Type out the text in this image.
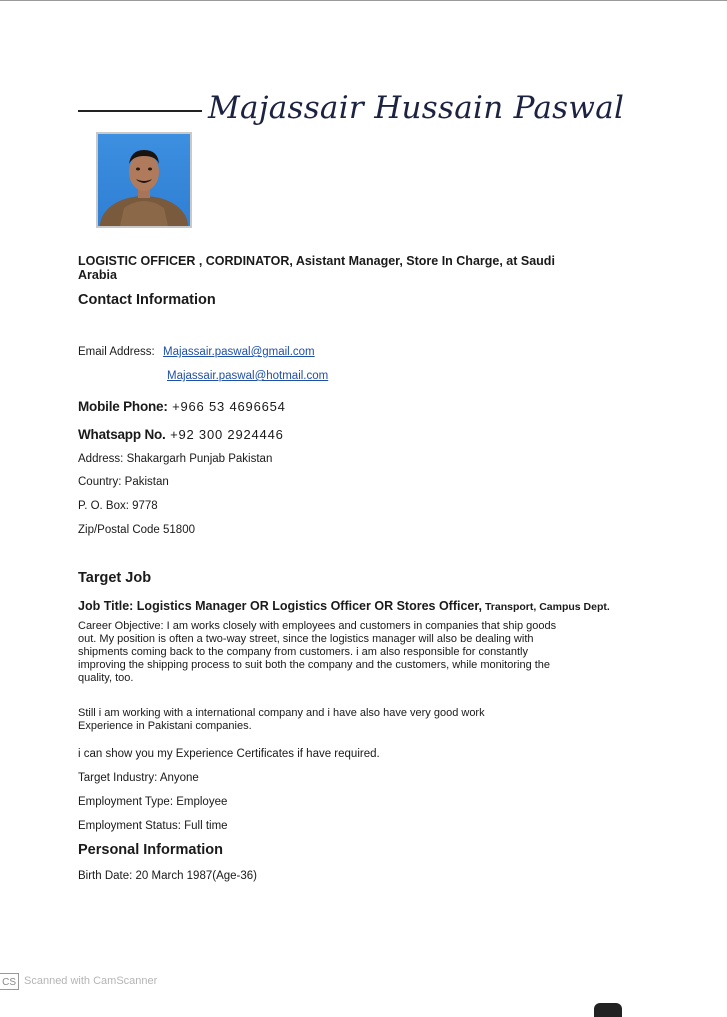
Majassair Hussain Paswal
LOGISTIC OFFICER , CORDINATOR, Asistant Manager, Store In Charge, at Saudi
Arabia
Contact Information
Email Address: Majassair.paswal@gmail.com
Majassair.paswal@hotmail.com
Mobile Phone: +966 53 4696654
Whatsapp No. +92 300 2924446
Address: Shakargarh Punjab Pakistan
Country: Pakistan
P. O. Box: 9778
Zip/Postal Code 51800
Target Job
Job Title: Logistics Manager OR Logistics Officer OR Stores Officer, Transport, Campus Dept.
Career Objective: I am works closely with employees and customers in companies that ship goods
out. My position is often a two-way street, since the logistics manager will also be dealing with
shipments coming back to the company from customers. i am also responsible for constantly
improving the shipping process to suit both the company and the customers, while monitoring the
quality, too.
Still i am working with a international company and i have also have very good work
Experience in Pakistani companies.
i can show you my Experience Certificates if have required.
Target Industry: Anyone
Employment Type: Employee
Employment Status: Full time
Personal Information
Birth Date: 20 March 1987(Age-36)
CS Scanned with CamScanner
